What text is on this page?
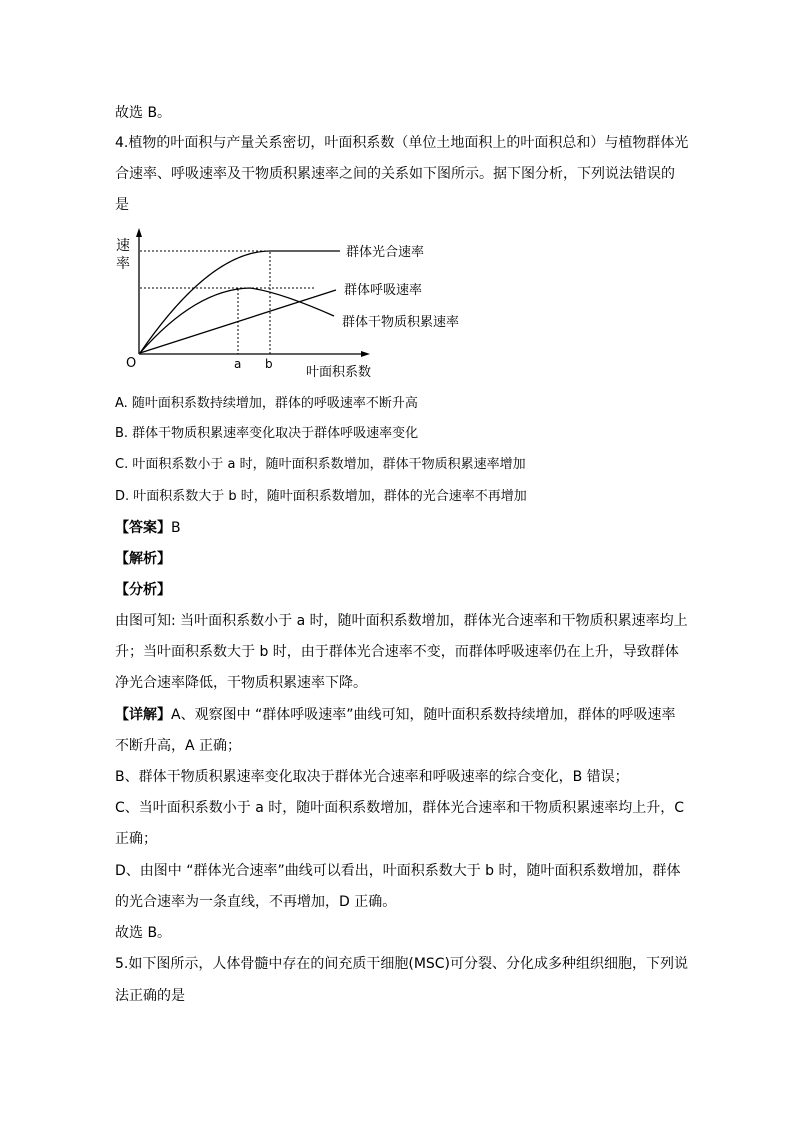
故选 B。
4.植物的叶面积与产量关系密切，叶面积系数（单位土地面积上的叶面积总和）与植物群体光
合速率、呼吸速率及干物质积累速率之间的关系如下图所示。据下图分析，下列说法错误的
是
速
率
O	a b
叶面积系数
群体光合速率
群体呼吸速率
群体干物质积累速率
A. 随叶面积系数持续增加，群体的呼吸速率不断升高
B. 群体干物质积累速率变化取决于群体呼吸速率变化
C. 叶面积系数小于 a 时，随叶面积系数增加，群体干物质积累速率增加
D. 叶面积系数大于 b 时，随叶面积系数增加，群体的光合速率不再增加
【答案】B
【解析】
【分析】
由图可知: 当叶面积系数小于 a 时，随叶面积系数增加，群体光合速率和干物质积累速率均上
升；当叶面积系数大于 b 时，由于群体光合速率不变，而群体呼吸速率仍在上升，导致群体
净光合速率降低，干物质积累速率下降。
【详解】A、观察图中 “群体呼吸速率”曲线可知，随叶面积系数持续增加，群体的呼吸速率
不断升高，A 正确；
B、群体干物质积累速率变化取决于群体光合速率和呼吸速率的综合变化，B 错误；
C、当叶面积系数小于 a 时，随叶面积系数增加，群体光合速率和干物质积累速率均上升，C
正确；
D、由图中 “群体光合速率”曲线可以看出，叶面积系数大于 b 时，随叶面积系数增加，群体
的光合速率为一条直线，不再增加，D 正确。
故选 B。
5.如下图所示，人体骨髓中存在的间充质干细胞(MSC)可分裂、分化成多种组织细胞，下列说
法正确的是
